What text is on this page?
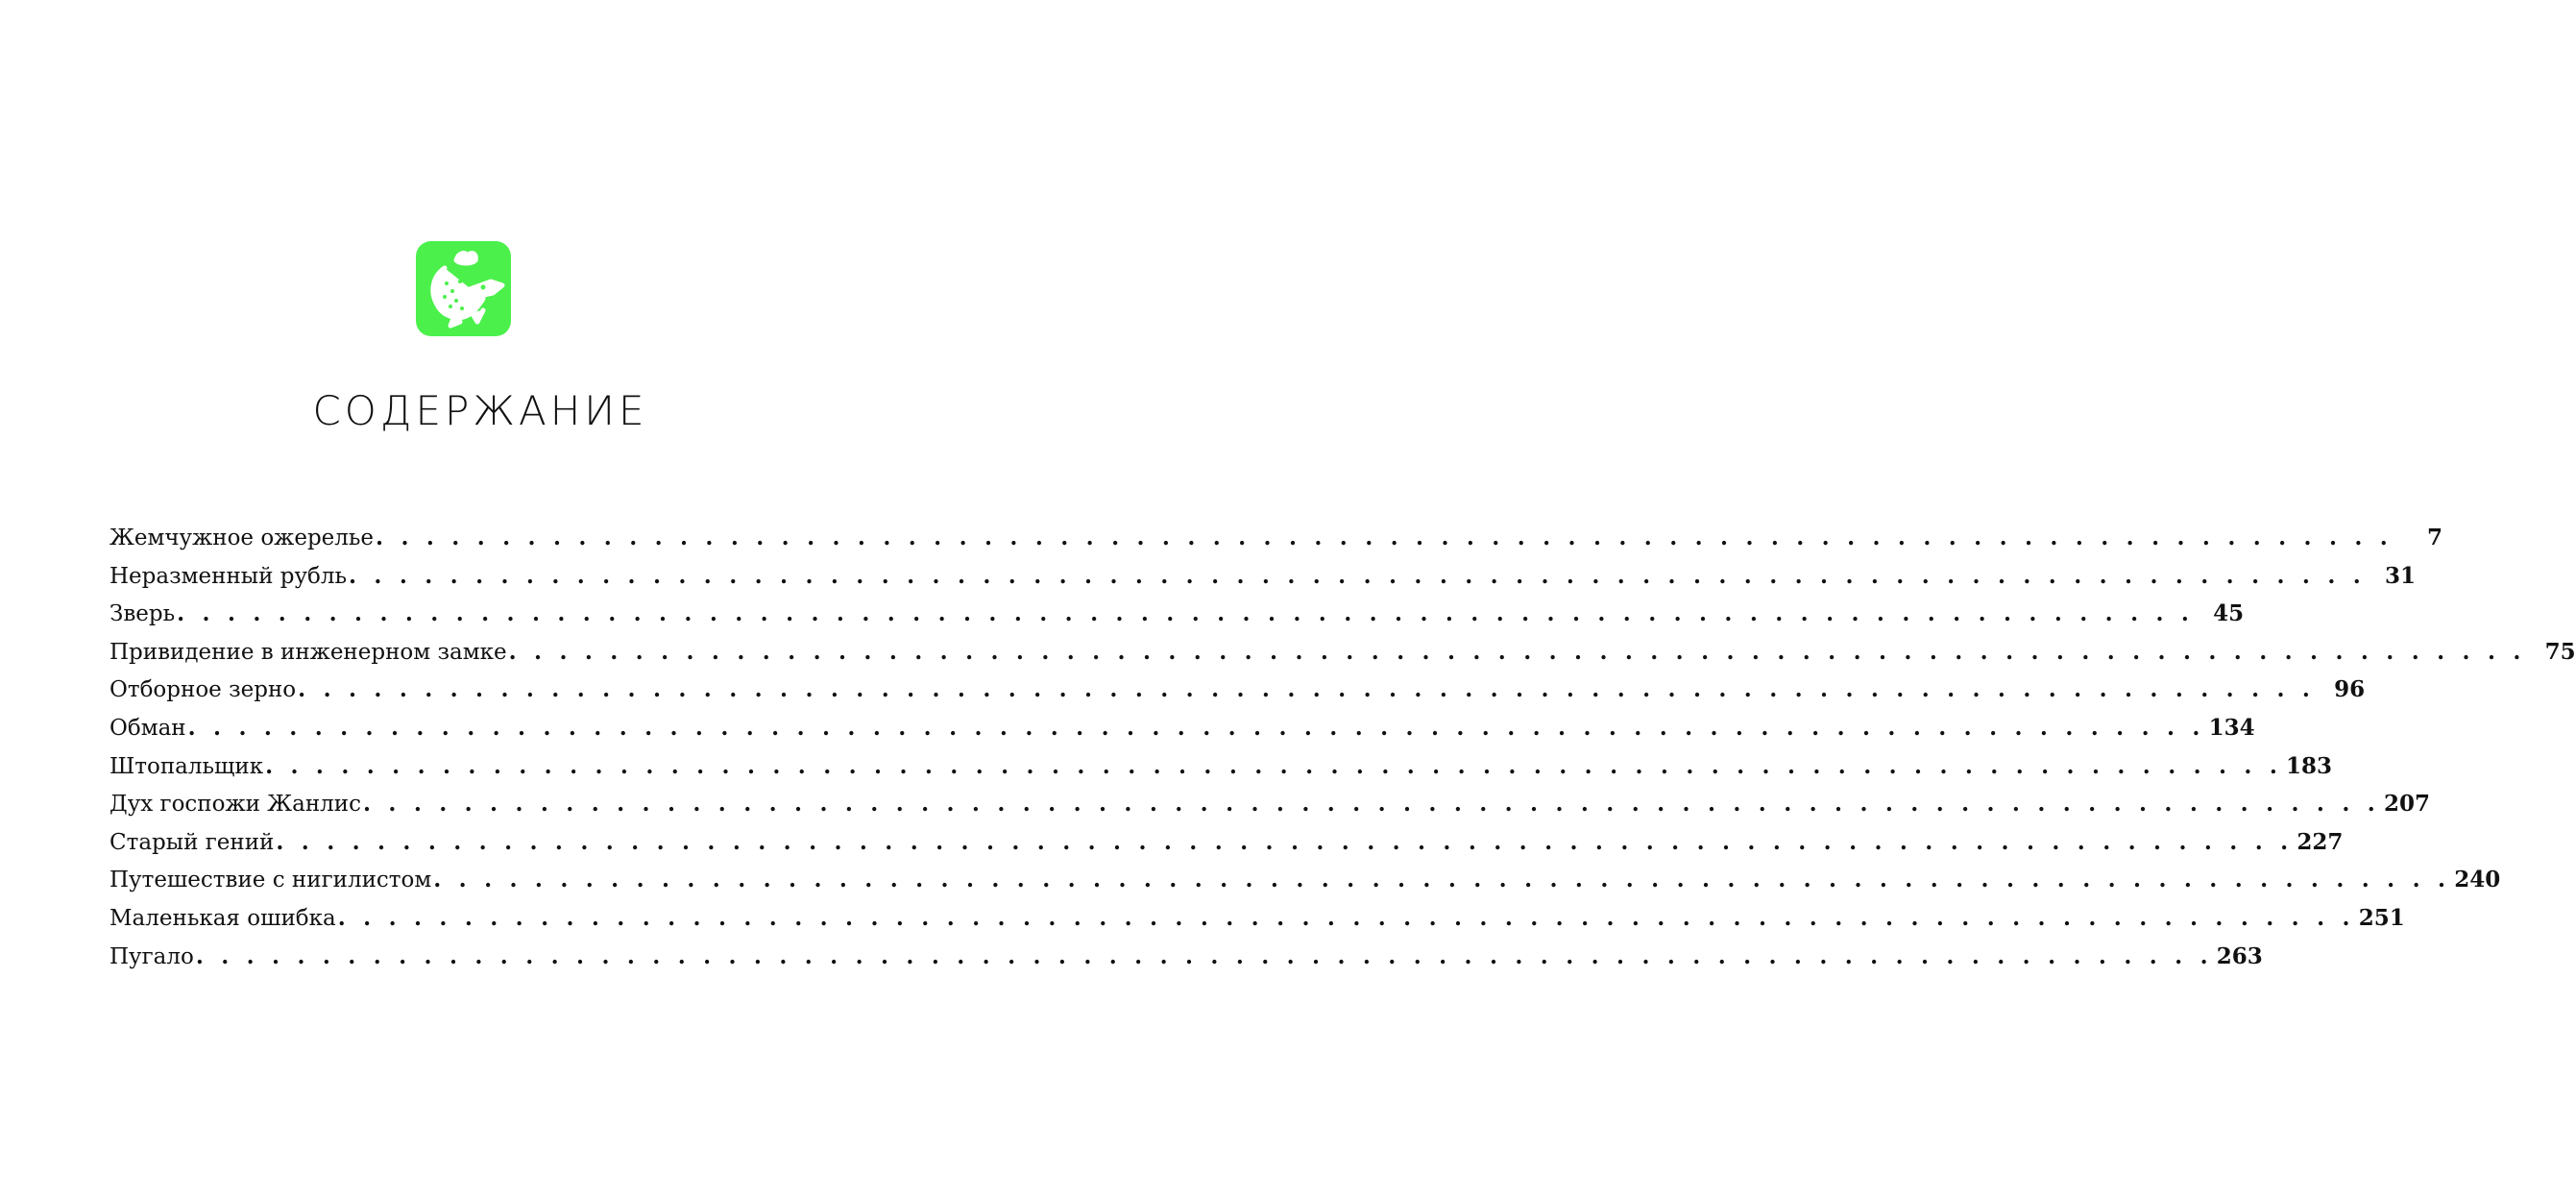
СОДЕРЖАНИЕ
Жемчужное ожерелье . . . . . . . . . . . . . . . . . . . . . . . . . . . . . . . . . . . . . . . . . . . . . . . . . . . . . . . . . . . . . . . . . . . . . . . . . . . . . . . .	7
Неразменный рубль . . . . . . . . . . . . . . . . . . . . . . . . . . . . . . . . . . . . . . . . . . . . . . . . . . . . . . . . . . . . . . . . . . . . . . . . . . . . . . . . 31
Зверь . . . . . . . . . . . . . . . . . . . . . . . . . . . . . . . . . . . . . . . . . . . . . . . . . . . . . . . . . . . . . . . . . . . . . . . . . . . . . . . . 45
Привидение в инженерном замке . . . . . . . . . . . . . . . . . . . . . . . . . . . . . . . . . . . . . . . . . . . . . . . . . . . . . . . . . . . . . . . . . . . . . . . . . . . . . . . . 75
Отборное зерно . . . . . . . . . . . . . . . . . . . . . . . . . . . . . . . . . . . . . . . . . . . . . . . . . . . . . . . . . . . . . . . . . . . . . . . . . . . . . . . . 96
Обман . . . . . . . . . . . . . . . . . . . . . . . . . . . . . . . . . . . . . . . . . . . . . . . . . . . . . . . . . . . . . . . . . . . . . . . . . . . . . . . . 134
Штопальщик . . . . . . . . . . . . . . . . . . . . . . . . . . . . . . . . . . . . . . . . . . . . . . . . . . . . . . . . . . . . . . . . . . . . . . . . . . . . . . . . 183
Дух госпожи Жанлис . . . . . . . . . . . . . . . . . . . . . . . . . . . . . . . . . . . . . . . . . . . . . . . . . . . . . . . . . . . . . . . . . . . . . . . . . . . . . . . . 207
Старый гений . . . . . . . . . . . . . . . . . . . . . . . . . . . . . . . . . . . . . . . . . . . . . . . . . . . . . . . . . . . . . . . . . . . . . . . . . . . . . . . . 227
Путешествие с нигилистом . . . . . . . . . . . . . . . . . . . . . . . . . . . . . . . . . . . . . . . . . . . . . . . . . . . . . . . . . . . . . . . . . . . . . . . . . . . . . . . . 240
Маленькая ошибка . . . . . . . . . . . . . . . . . . . . . . . . . . . . . . . . . . . . . . . . . . . . . . . . . . . . . . . . . . . . . . . . . . . . . . . . . . . . . . . . 251
Пугало . . . . . . . . . . . . . . . . . . . . . . . . . . . . . . . . . . . . . . . . . . . . . . . . . . . . . . . . . . . . . . . . . . . . . . . . . . . . . . . . 263
